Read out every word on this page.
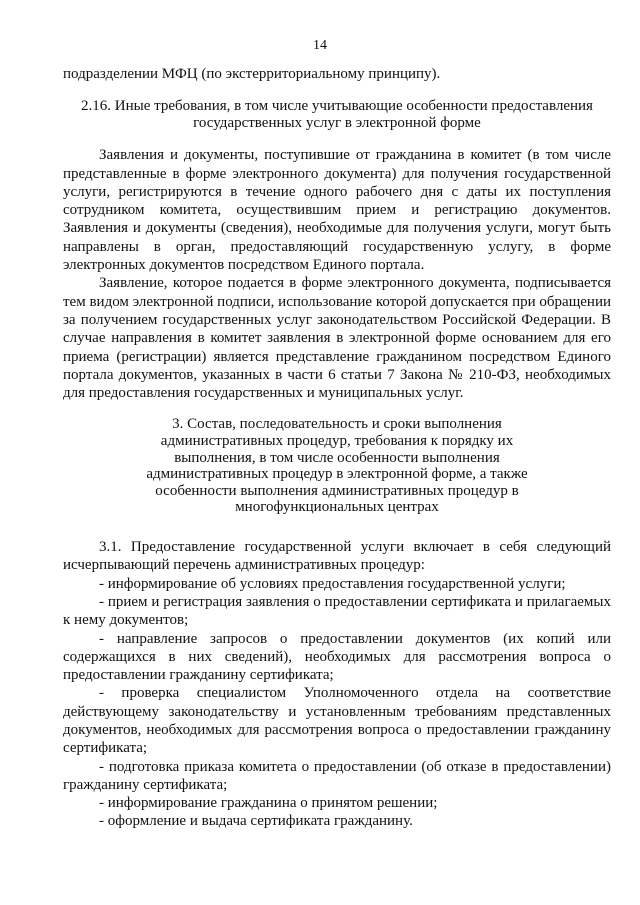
14

подразделении МФЦ (по экстерриториальному принципу).

2.16. Иные требования, в том числе учитывающие особенности предоставления государственных услуг в электронной форме

Заявления и документы, поступившие от гражданина в комитет (в том числе представленные в форме электронного документа) для получения государственной услуги, регистрируются в течение одного рабочего дня с даты их поступления сотрудником комитета, осуществившим прием и регистрацию документов. Заявления и документы (сведения), необходимые для получения услуги, могут быть направлены в орган, предоставляющий государственную услугу, в форме электронных документов посредством Единого портала.

Заявление, которое подается в форме электронного документа, подписывается тем видом электронной подписи, использование которой допускается при обращении за получением государственных услуг законодательством Российской Федерации. В случае направления в комитет заявления в электронной форме основанием для его приема (регистрации) является представление гражданином посредством Единого портала документов, указанных в части 6 статьи 7 Закона № 210-ФЗ, необходимых для предоставления государственных и муниципальных услуг.

3. Состав, последовательность и сроки выполнения административных процедур, требования к порядку их выполнения, в том числе особенности выполнения административных процедур в электронной форме, а также особенности выполнения административных процедур в многофункциональных центрах

3.1. Предоставление государственной услуги включает в себя следующий исчерпывающий перечень административных процедур:

- информирование об условиях предоставления государственной услуги;

- прием и регистрация заявления о предоставлении сертификата и прилагаемых к нему документов;

- направление запросов о предоставлении документов (их копий или содержащихся в них сведений), необходимых для рассмотрения вопроса о предоставлении гражданину сертификата;

- проверка специалистом Уполномоченного отдела на соответствие действующему законодательству и установленным требованиям представленных документов, необходимых для рассмотрения вопроса о предоставлении гражданину сертификата;

- подготовка приказа комитета о предоставлении (об отказе в предоставлении) гражданину сертификата;

- информирование гражданина о принятом решении;

- оформление и выдача сертификата гражданину.
